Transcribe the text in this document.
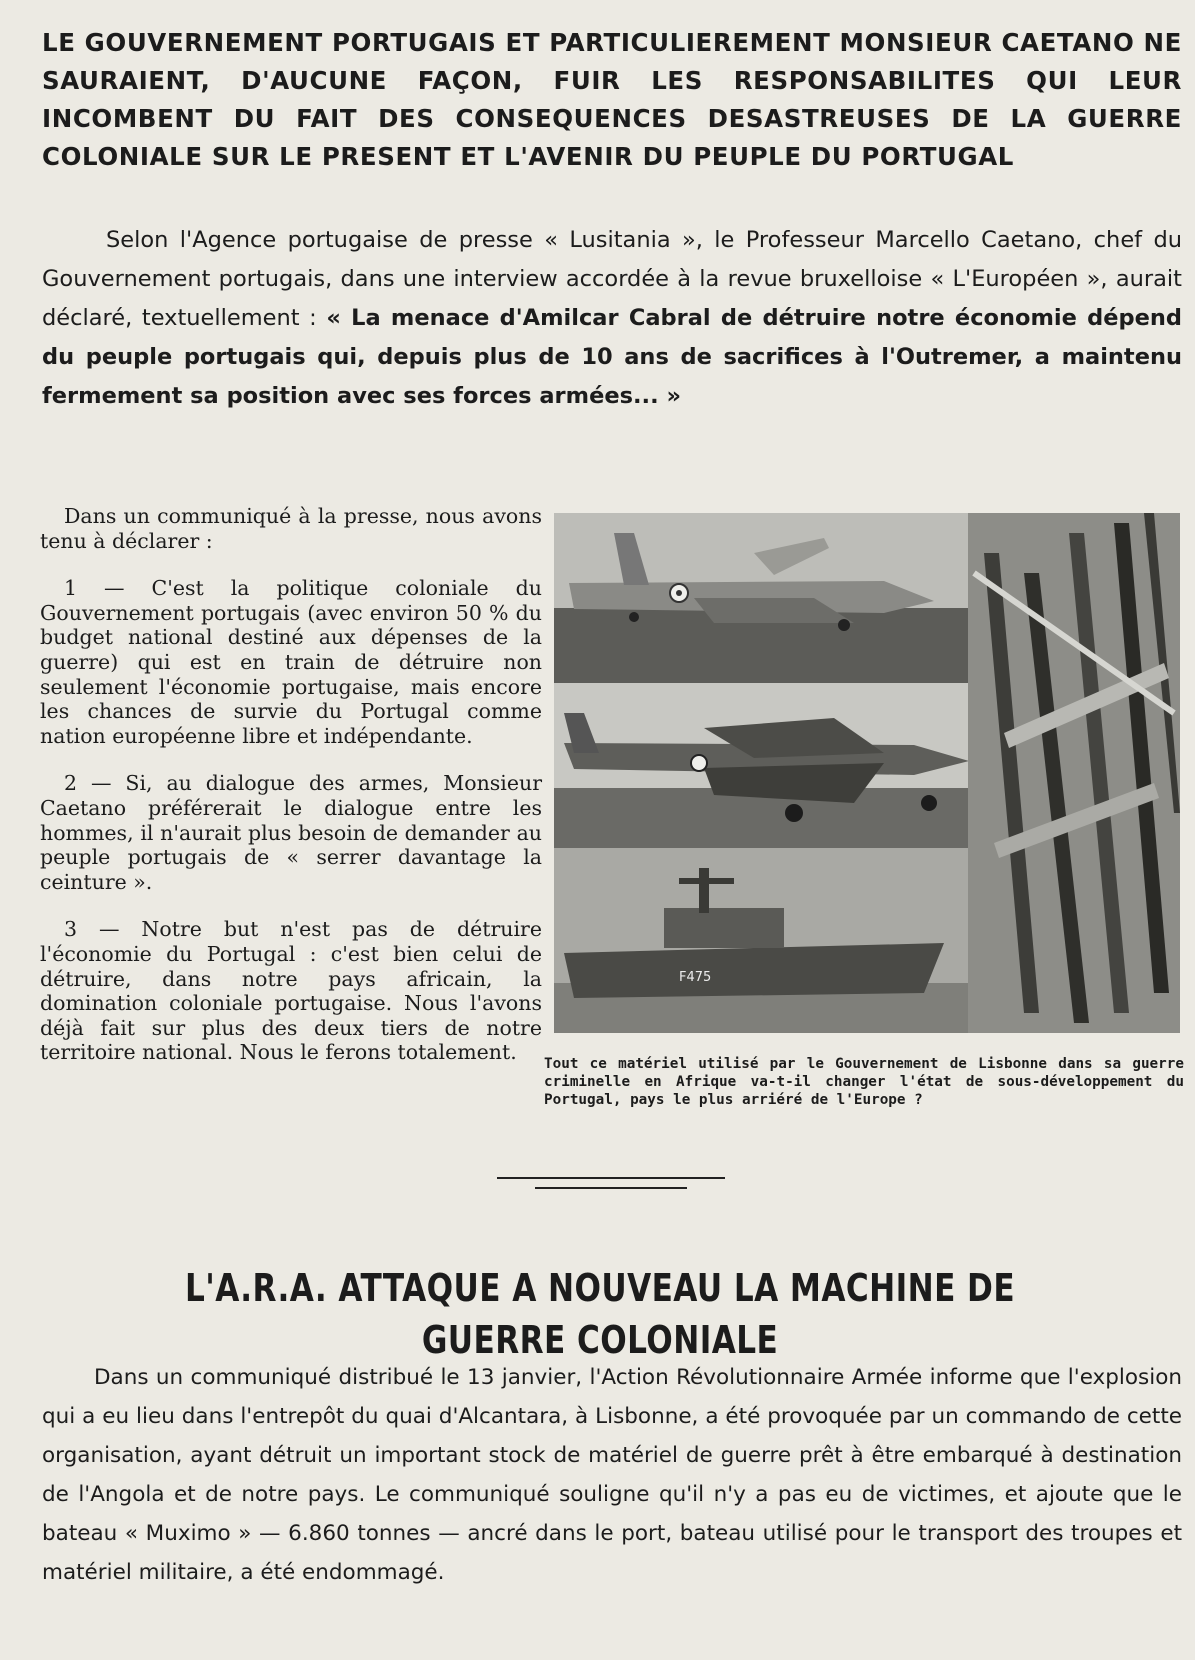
LE GOUVERNEMENT PORTUGAIS ET PARTICULIEREMENT MONSIEUR CAETANO NE SAURAIENT, D'AUCUNE FAÇON, FUIR LES RESPONSABILITES QUI LEUR INCOMBENT DU FAIT DES CONSEQUENCES DESASTREUSES DE LA GUERRE COLONIALE SUR LE PRESENT ET L'AVENIR DU PEUPLE DU PORTUGAL

Selon l'Agence portugaise de presse « Lusitania », le Professeur Marcello Caetano, chef du Gouvernement portugais, dans une interview accordée à la revue bruxelloise « L'Européen », aurait déclaré, textuellement : « La menace d'Amilcar Cabral de détruire notre économie dépend du peuple portugais qui, depuis plus de 10 ans de sacrifices à l'Outremer, a maintenu fermement sa position avec ses forces armées... »

Dans un communiqué à la presse, nous avons tenu à déclarer :

1 — C'est la politique coloniale du Gouvernement portugais (avec environ 50 % du budget national destiné aux dépenses de la guerre) qui est en train de détruire non seulement l'économie portugaise, mais encore les chances de survie du Portugal comme nation européenne libre et indépendante.

2 — Si, au dialogue des armes, Monsieur Caetano préférerait le dialogue entre les hommes, il n'aurait plus besoin de demander au peuple portugais de « serrer davantage la ceinture ».

3 — Notre but n'est pas de détruire l'économie du Portugal : c'est bien celui de détruire, dans notre pays africain, la domination coloniale portugaise. Nous l'avons déjà fait sur plus des deux tiers de notre territoire national. Nous le ferons totalement.

F475

Tout ce matériel utilisé par le Gouvernement de Lisbonne dans sa guerre criminelle en Afrique va-t-il changer l'état de sous-développement du Portugal, pays le plus arriéré de l'Europe ?

L'A.R.A. ATTAQUE A NOUVEAU LA MACHINE DE GUERRE COLONIALE

Dans un communiqué distribué le 13 janvier, l'Action Révolutionnaire Armée informe que l'explosion qui a eu lieu dans l'entrepôt du quai d'Alcantara, à Lisbonne, a été provoquée par un commando de cette organisation, ayant détruit un important stock de matériel de guerre prêt à être embarqué à destination de l'Angola et de notre pays. Le communiqué souligne qu'il n'y a pas eu de victimes, et ajoute que le bateau « Muximo » — 6.860 tonnes — ancré dans le port, bateau utilisé pour le transport des troupes et matériel militaire, a été endommagé.
